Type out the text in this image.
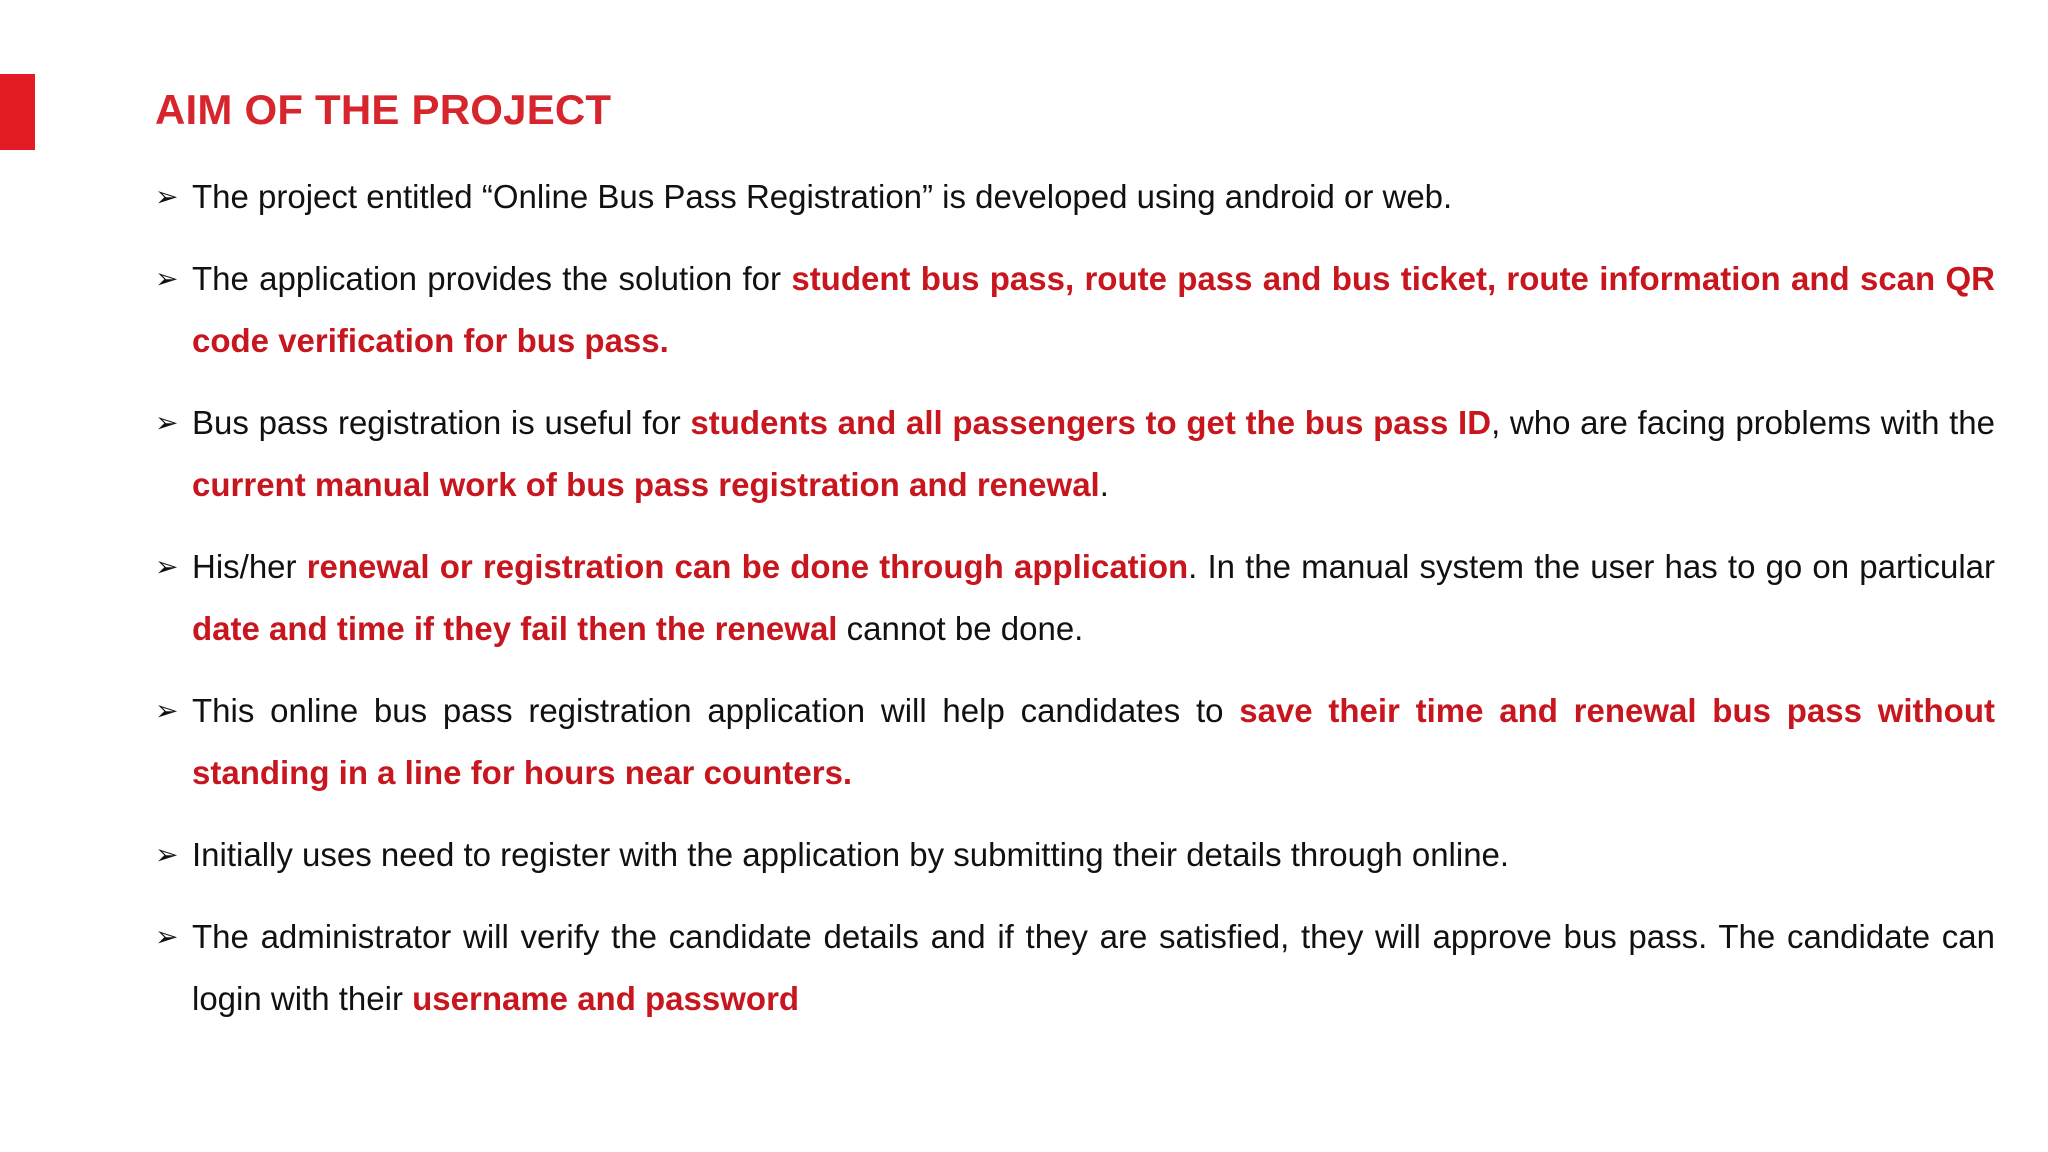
AIM OF THE PROJECT
➢ The project entitled “Online Bus Pass Registration” is developed using android or web.
➢ The application provides the solution for student bus pass, route pass and bus ticket, route information and scan QR code verification for bus pass.
➢ Bus pass registration is useful for students and all passengers to get the bus pass ID, who are facing problems with the current manual work of bus pass registration and renewal.
➢ His/her renewal or registration can be done through application. In the manual system the user has to go on particular date and time if they fail then the renewal cannot be done.
➢ This online bus pass registration application will help candidates to save their time and renewal bus pass without standing in a line for hours near counters.
➢ Initially uses need to register with the application by submitting their details through online.
➢ The administrator will verify the candidate details and if they are satisfied, they will approve bus pass. The candidate can login with their username and password
